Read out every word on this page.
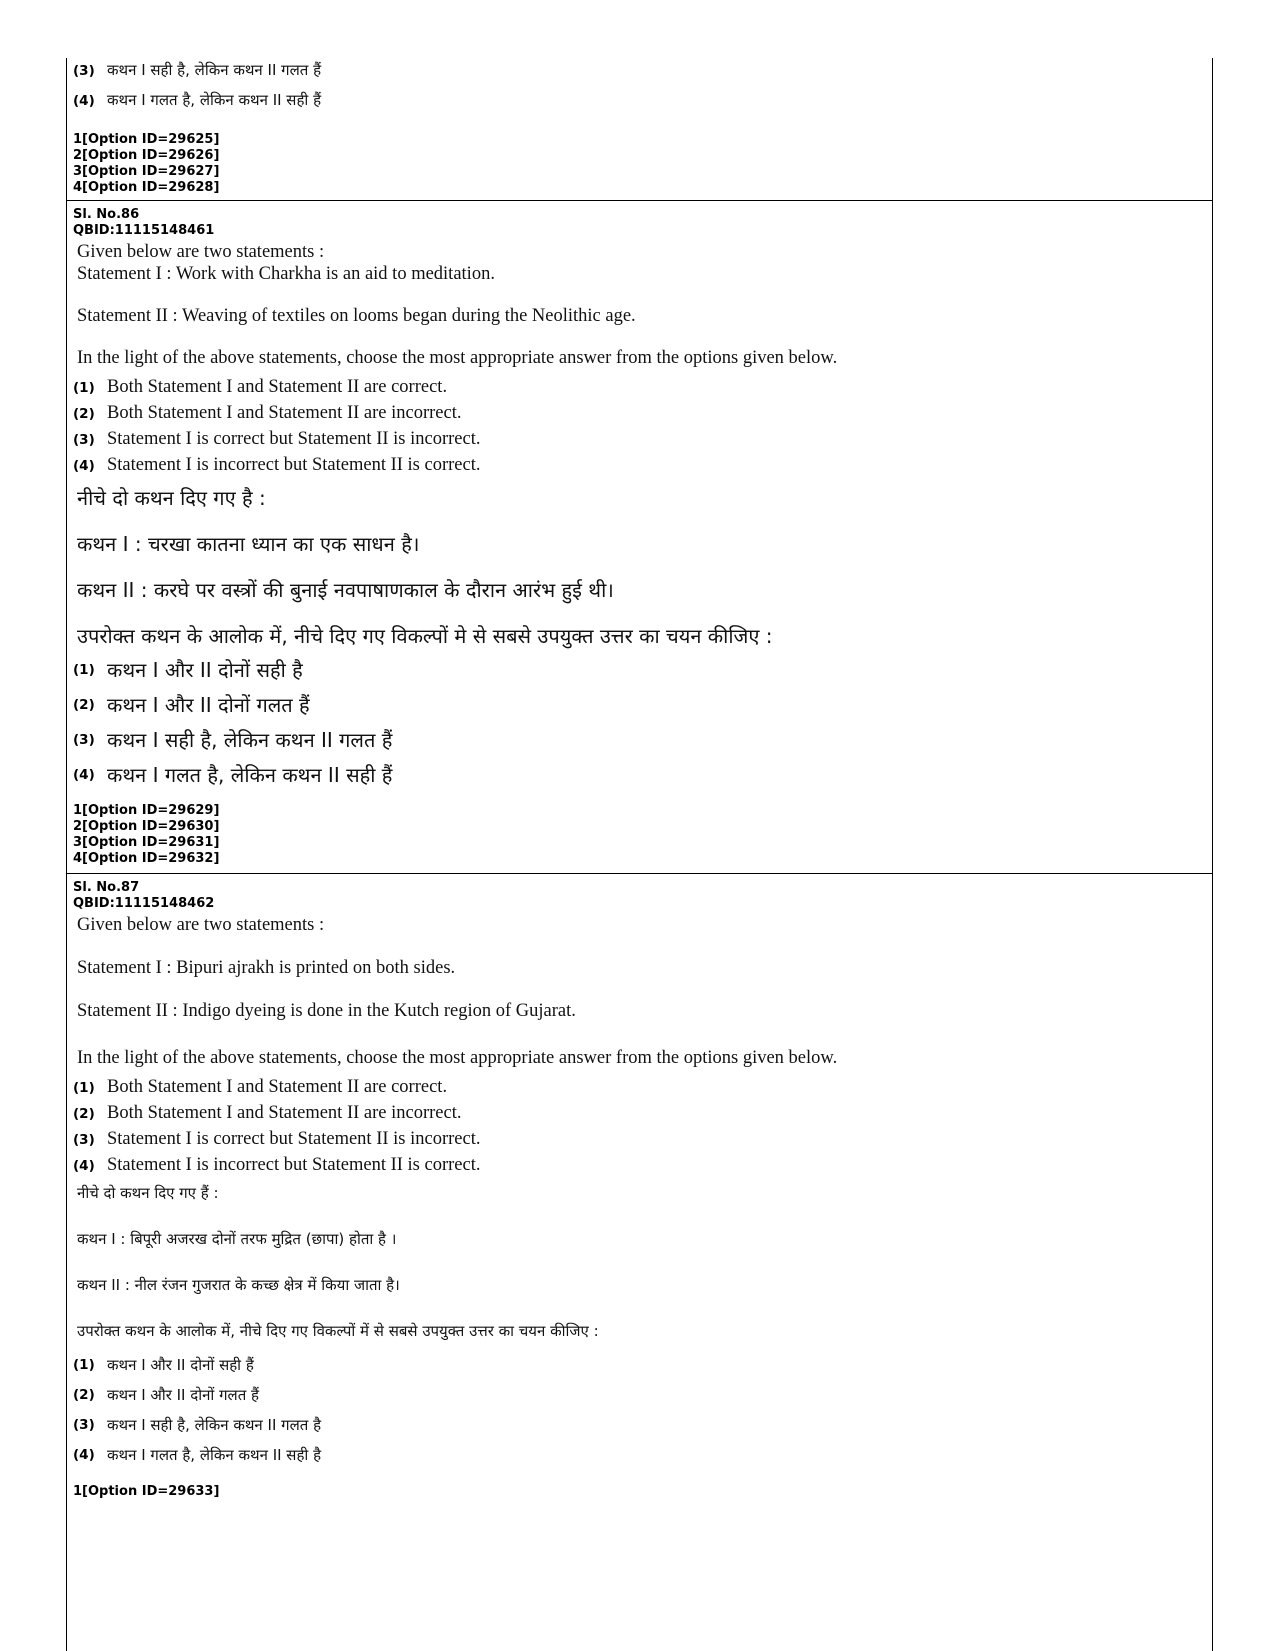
(3) कथन I सही है, लेकिन कथन II गलत हैं
(4) कथन I गलत है, लेकिन कथन II सही हैं
1[Option ID=29625]
2[Option ID=29626]
3[Option ID=29627]
4[Option ID=29628]
Sl. No.86
QBID:11115148461
Given below are two statements :
Statement I : Work with Charkha is an aid to meditation.
Statement II : Weaving of textiles on looms began during the Neolithic age.
In the light of the above statements, choose the most appropriate answer from the options given below.
(1) Both Statement I and Statement II are correct.
(2) Both Statement I and Statement II are incorrect.
(3) Statement I is correct but Statement II is incorrect.
(4) Statement I is incorrect but Statement II is correct.
नीचे दो कथन दिए गए है :
कथन I : चरखा कातना ध्यान का एक साधन है।
कथन II : करघे पर वस्त्रों की बुनाई नवपाषाणकाल के दौरान आरंभ हुई थी।
उपरोक्त कथन के आलोक में, नीचे दिए गए विकल्पों मे से सबसे उपयुक्त उत्तर का चयन कीजिए :
(1) कथन I और II दोनों सही है
(2) कथन I और II दोनों गलत हैं
(3) कथन I सही है, लेकिन कथन II गलत हैं
(4) कथन I गलत है, लेकिन कथन II सही हैं
1[Option ID=29629]
2[Option ID=29630]
3[Option ID=29631]
4[Option ID=29632]
Sl. No.87
QBID:11115148462
Given below are two statements :
Statement I : Bipuri ajrakh is printed on both sides.
Statement II : Indigo dyeing is done in the Kutch region of Gujarat.
In the light of the above statements, choose the most appropriate answer from the options given below.
(1) Both Statement I and Statement II are correct.
(2) Both Statement I and Statement II are incorrect.
(3) Statement I is correct but Statement II is incorrect.
(4) Statement I is incorrect but Statement II is correct.
नीचे दो कथन दिए गए हैं :
कथन I : बिपूरी अजरख दोनों तरफ मुद्रित (छापा) होता है ।
कथन II : नील रंजन गुजरात के कच्छ क्षेत्र में किया जाता है।
उपरोक्त कथन के आलोक में, नीचे दिए गए विकल्पों में से सबसे उपयुक्त उत्तर का चयन कीजिए :
(1) कथन I और II दोनों सही हैं
(2) कथन I और II दोनों गलत हैं
(3) कथन I सही है, लेकिन कथन II गलत है
(4) कथन I गलत है, लेकिन कथन II सही है
1[Option ID=29633]
